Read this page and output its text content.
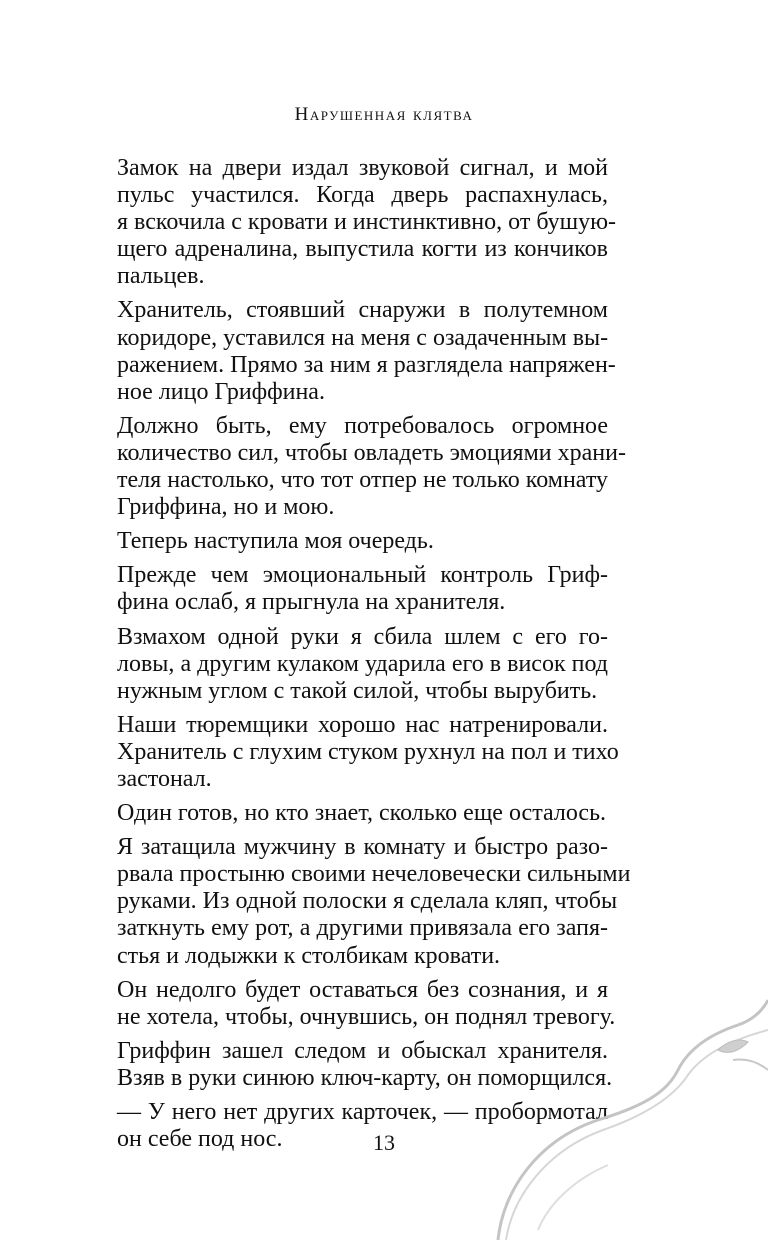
Нарушенная клятва

Замок на двери издал звуковой сигнал, и мой
пульс участился. Когда дверь распахнулась,
я вскочила с кровати и инстинктивно, от бушую-
щего адреналина, выпустила когти из кончиков
пальцев.

Хранитель, стоявший снаружи в полутемном
коридоре, уставился на меня с озадаченным вы-
ражением. Прямо за ним я разглядела напряжен-
ное лицо Гриффина.

Должно быть, ему потребовалось огромное
количество сил, чтобы овладеть эмоциями храни-
теля настолько, что тот отпер не только комнату
Гриффина, но и мою.

Теперь наступила моя очередь.

Прежде чем эмоциональный контроль Гриф-
фина ослаб, я прыгнула на хранителя.

Взмахом одной руки я сбила шлем с его го-
ловы, а другим кулаком ударила его в висок под
нужным углом с такой силой, чтобы вырубить.

Наши тюремщики хорошо нас натренировали.
Хранитель с глухим стуком рухнул на пол и тихо
застонал.

Один готов, но кто знает, сколько еще осталось.

Я затащила мужчину в комнату и быстро разо-
рвала простыню своими нечеловечески сильными
руками. Из одной полоски я сделала кляп, чтобы
заткнуть ему рот, а другими привязала его запя-
стья и лодыжки к столбикам кровати.

Он недолго будет оставаться без сознания, и я
не хотела, чтобы, очнувшись, он поднял тревогу.

Гриффин зашел следом и обыскал хранителя.
Взяв в руки синюю ключ-карту, он поморщился.

— У него нет других карточек, — пробормотал
он себе под нос.	13
